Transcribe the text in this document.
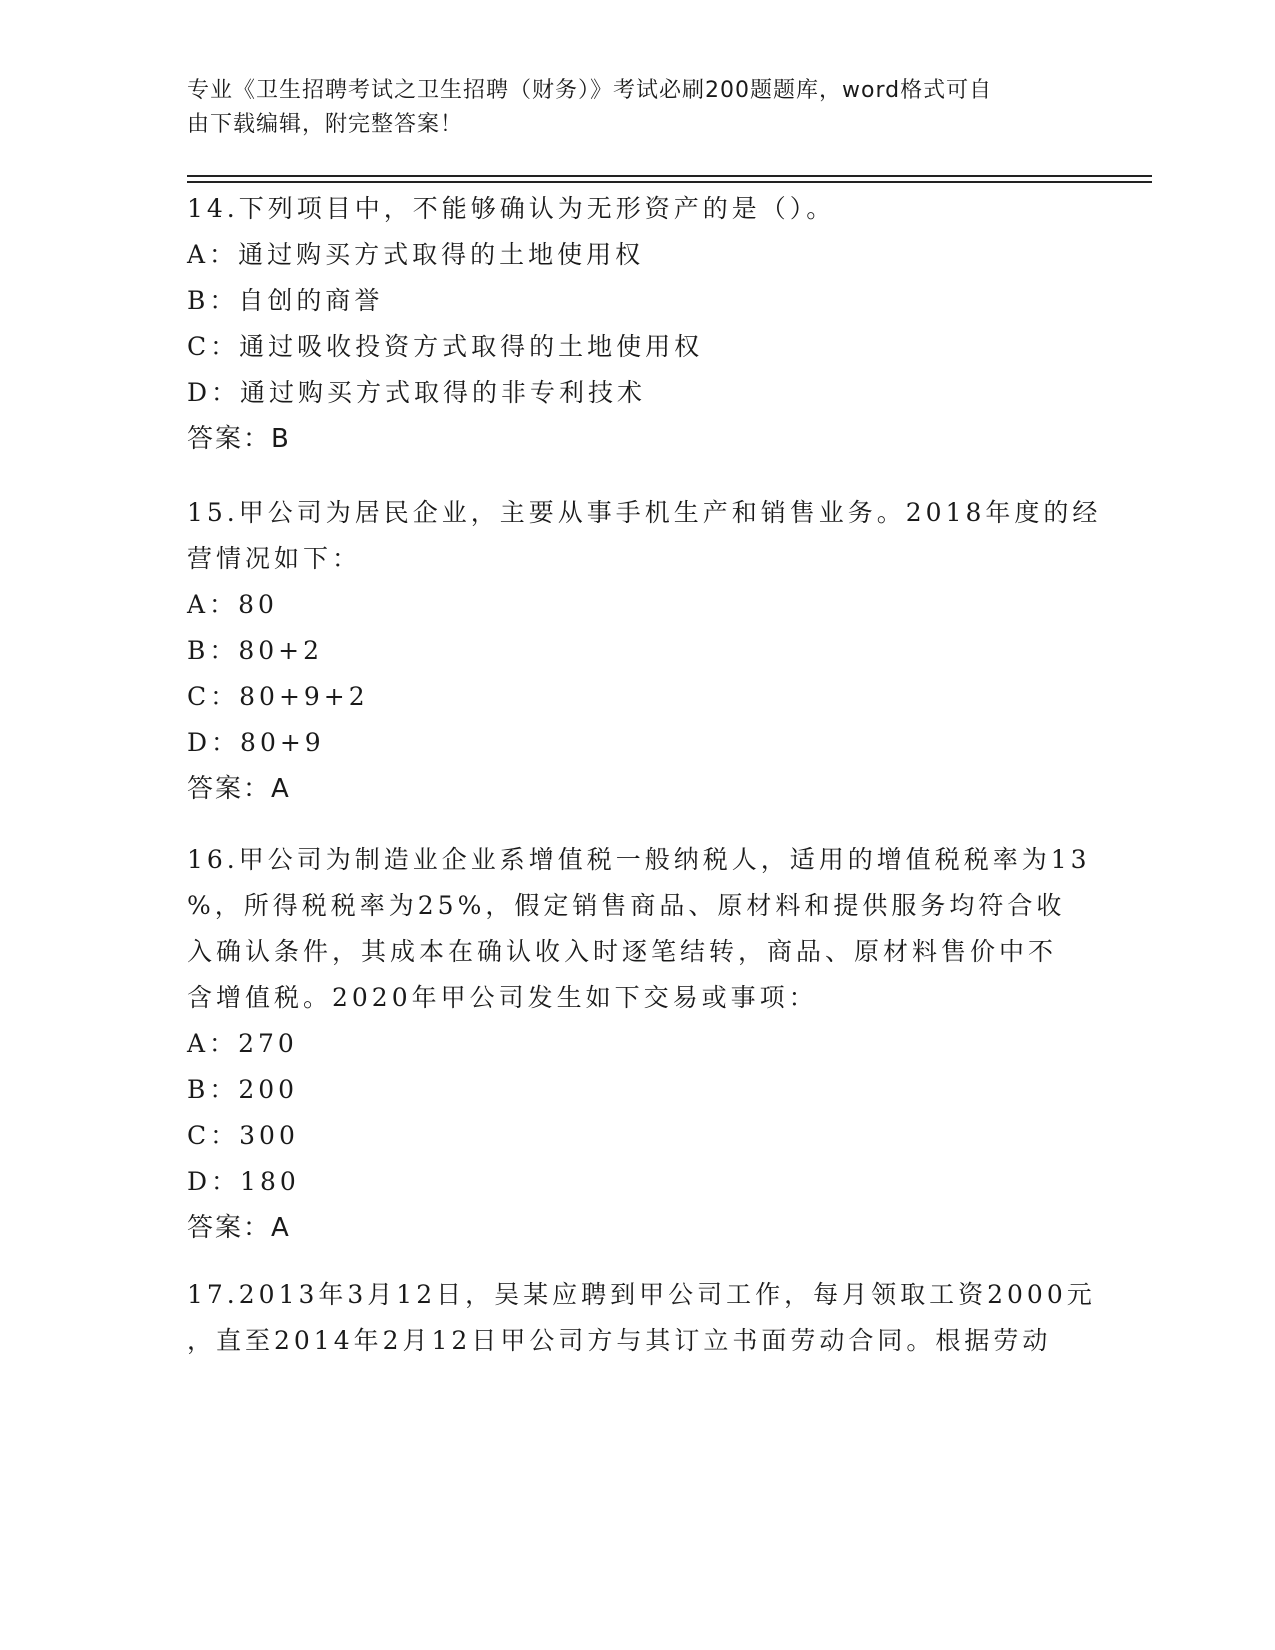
专业《卫生招聘考试之卫生招聘（财务）》考试必刷200题题库，word格式可自
由下载编辑，附完整答案！
14.下列项目中，不能够确认为无形资产的是（）。
A：通过购买方式取得的土地使用权
B：自创的商誉
C：通过吸收投资方式取得的土地使用权
D：通过购买方式取得的非专利技术
答案：B
15.甲公司为居民企业，主要从事手机生产和销售业务。2018年度的经
营情况如下：
A：80
B：80+2
C：80+9+2
D：80+9
答案：A
16.甲公司为制造业企业系增值税一般纳税人，适用的增值税税率为13
%，所得税税率为25%，假定销售商品、原材料和提供服务均符合收
入确认条件，其成本在确认收入时逐笔结转，商品、原材料售价中不
含增值税。2020年甲公司发生如下交易或事项：
A：270
B：200
C：300
D：180
答案：A
17.2013年3月12日，吴某应聘到甲公司工作，每月领取工资2000元
，直至2014年2月12日甲公司方与其订立书面劳动合同。根据劳动
